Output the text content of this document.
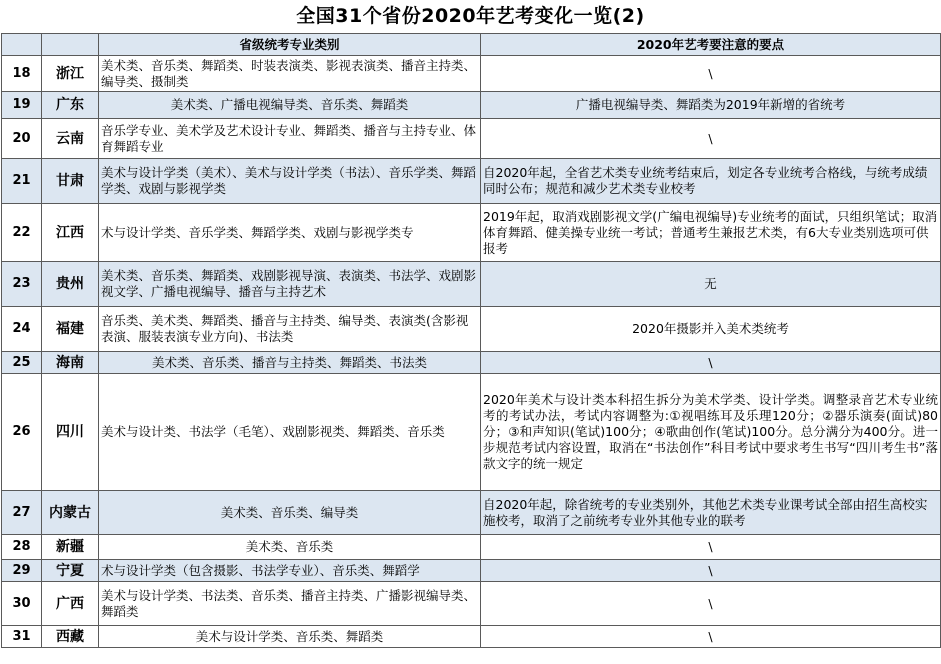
全国31个省份2020年艺考变化一览(2)
		省级统考专业类别	2020年艺考要注意的要点
18	浙江	美术类、音乐类、舞蹈类、时装表演类、影视表演类、播音主持类、编导类、摄制类	\
19	广东	美术类、广播电视编导类、音乐类、舞蹈类	广播电视编导类、舞蹈类为2019年新增的省统考
20	云南	音乐学专业、美术学及艺术设计专业、舞蹈类、播音与主持专业、体育舞蹈专业	\
21	甘肃	美术与设计学类（美术）、美术与设计学类（书法）、音乐学类、舞蹈学类、戏剧与影视学类	自2020年起，全省艺术类专业统考结束后，划定各专业统考合格线，与统考成绩同时公布；规范和减少艺术类专业校考
22	江西	术与设计学类、音乐学类、舞蹈学类、戏剧与影视学类专	2019年起，取消戏剧影视文学(广编电视编导)专业统考的面试，只组织笔试；取消体育舞蹈、健美操专业统一考试；普通考生兼报艺术类，有6大专业类别选项可供报考
23	贵州	美术类、音乐类、舞蹈类、戏剧影视导演、表演类、书法学、戏剧影视文学、广播电视编导、播音与主持艺术	无
24	福建	音乐类、美术类、舞蹈类、播音与主持类、编导类、表演类(含影视表演、服装表演专业方向)、书法类	2020年摄影并入美术类统考
25	海南	美术类、音乐类、播音与主持类、舞蹈类、书法类	\
26	四川	美术与设计类、书法学（毛笔）、戏剧影视类、舞蹈类、音乐类	2020年美术与设计类本科招生拆分为美术学类、设计学类。调整录音艺术专业统考的考试办法，考试内容调整为:①视唱练耳及乐理120分；②器乐演奏(面试)80分；③和声知识(笔试)100分；④歌曲创作(笔试)100分。总分满分为400分。进一步规范考试内容设置，取消在“书法创作”科目考试中要求考生书写“四川考生书”落款文字的统一规定
27	内蒙古	美术类、音乐类、编导类	自2020年起，除省统考的专业类别外，其他艺术类专业课考试全部由招生高校实施校考，取消了之前统考专业外其他专业的联考
28	新疆	美术类、音乐类	\
29	宁夏	术与设计学类（包含摄影、书法学专业）、音乐类、舞蹈学	\
30	广西	美术与设计学类、书法类、音乐类、播音主持类、广播影视编导类、舞蹈类	\
31	西藏	美术与设计学类、音乐类、舞蹈类	\
